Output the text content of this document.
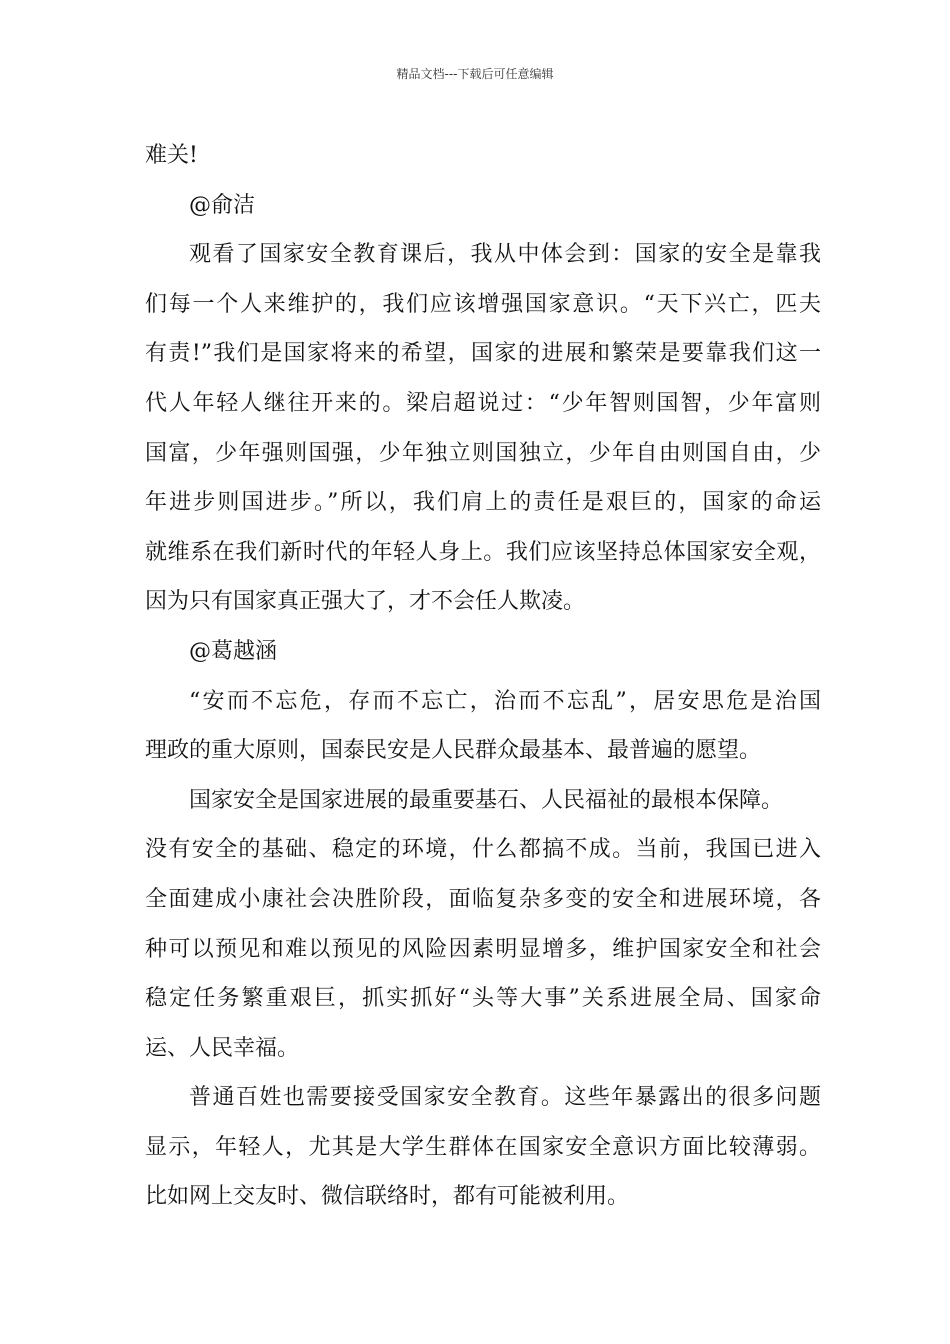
精品文档---下载后可任意编辑
难关!
@俞洁
观看了国家安全教育课后，我从中体会到：国家的安全是靠我
们每一个人来维护的，我们应该增强国家意识。“天下兴亡，匹夫
有责!”我们是国家将来的希望，国家的进展和繁荣是要靠我们这一
代人年轻人继往开来的。梁启超说过：“少年智则国智，少年富则
国富，少年强则国强，少年独立则国独立，少年自由则国自由，少
年进步则国进步。”所以，我们肩上的责任是艰巨的，国家的命运
就维系在我们新时代的年轻人身上。我们应该坚持总体国家安全观，
因为只有国家真正强大了，才不会任人欺凌。
@葛越涵
“安而不忘危，存而不忘亡，治而不忘乱”，居安思危是治国
理政的重大原则，国泰民安是人民群众最基本、最普遍的愿望。
国家安全是国家进展的最重要基石、人民福祉的最根本保障。
没有安全的基础、稳定的环境，什么都搞不成。当前，我国已进入
全面建成小康社会决胜阶段，面临复杂多变的安全和进展环境，各
种可以预见和难以预见的风险因素明显增多，维护国家安全和社会
稳定任务繁重艰巨，抓实抓好“头等大事”关系进展全局、国家命
运、人民幸福。
普通百姓也需要接受国家安全教育。这些年暴露出的很多问题
显示，年轻人，尤其是大学生群体在国家安全意识方面比较薄弱。
比如网上交友时、微信联络时，都有可能被利用。
